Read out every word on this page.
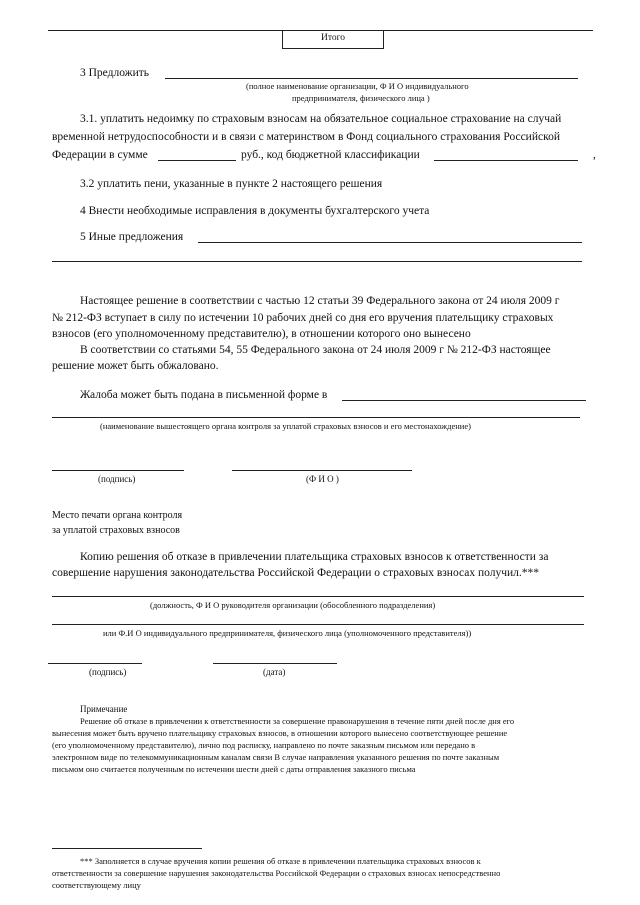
Итого
3 Предложить
(полное наименование организации, Ф И О индивидуального
предпринимателя, физического лица )
3.1. уплатить недоимку по страховым взносам на обязательное социальное страхование на случай
временной нетрудоспособности и в связи с материнством в Фонд социального страхования Российской
Федерации в сумме	руб., код бюджетной классификации	,
3.2 уплатить пени, указанные в пункте 2 настоящего решения
4 Внести необходимые исправления в документы бухгалтерского учета
5 Иные предложения
Настоящее решение в соответствии с частью 12 статьи 39 Федерального закона от 24 июля 2009 г
№ 212-ФЗ вступает в силу по истечении 10 рабочих дней со дня его вручения плательщику страховых
взносов (его уполномоченному представителю), в отношении которого оно вынесено
В соответствии со статьями 54, 55 Федерального закона от 24 июля 2009 г № 212-ФЗ настоящее
решение может быть обжаловано.
Жалоба может быть подана в письменной форме в
(наименование вышестоящего органа контроля за уплатой страховых взносов и его местонахождение)
(подпись)	(Ф И О )
Место печати органа контроля
за уплатой страховых взносов
Копию решения об отказе в привлечении плательщика страховых взносов к ответственности за
совершение нарушения законодательства Российской Федерации о страховых взносах получил.***
(должность, Ф И О руководителя организации (обособленного подразделения)
или Ф.И О индивидуального предпринимателя, физического лица (уполномоченного представителя))
(подпись)	(дата)
Примечание
Решение об отказе в привлечении к ответственности за совершение правонарушения в течение пяти дней после дня его
вынесения может быть вручено плательщику страховых взносов, в отношении которого вынесено соответствующее решение
(его уполномоченному представителю), лично под расписку, направлено по почте заказным письмом или передано в
электронном виде по телекоммуникационным каналам связи В случае направления указанного решения по почте заказным
письмом оно считается полученным по истечении шести дней с даты отправления заказного письма
*** Заполняется в случае вручения копии решения об отказе в привлечении плательщика страховых взносов к
ответственности за совершение нарушения законодательства Российской Федерации о страховых взносах непосредственно
соответствующему лицу
